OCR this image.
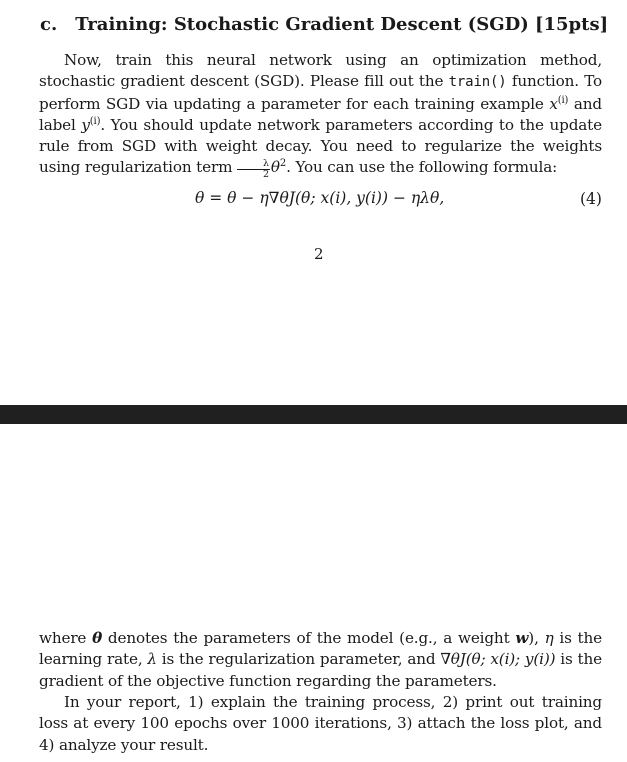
c. Training: Stochastic Gradient Descent (SGD) [15pts]
Now, train this neural network using an optimization method, stochastic gradient descent (SGD). Please fill out the train() function. To perform SGD via updating a parameter for each training example $x^{(i)}$ and label $y^{(i)}$. You should update network parameters according to the update rule from SGD with weight decay. You need to regularize the weights using regularization term $\frac{\lambda}{2} \theta^2$. You can use the following formula:
θ = θ − η∇θJ(θ; x(i), y(i)) − ηλθ,	(4)
2
where θ denotes the parameters of the model (e.g., a weight w), η is the learning rate, λ is the regularization parameter, and ∇θJ(θ; x(i); y(i)) is the gradient of the objective function regarding the parameters.
In your report, 1) explain the training process, 2) print out training loss at every 100 epochs over 1000 iterations, 3) attach the loss plot, and 4) analyze your result.
